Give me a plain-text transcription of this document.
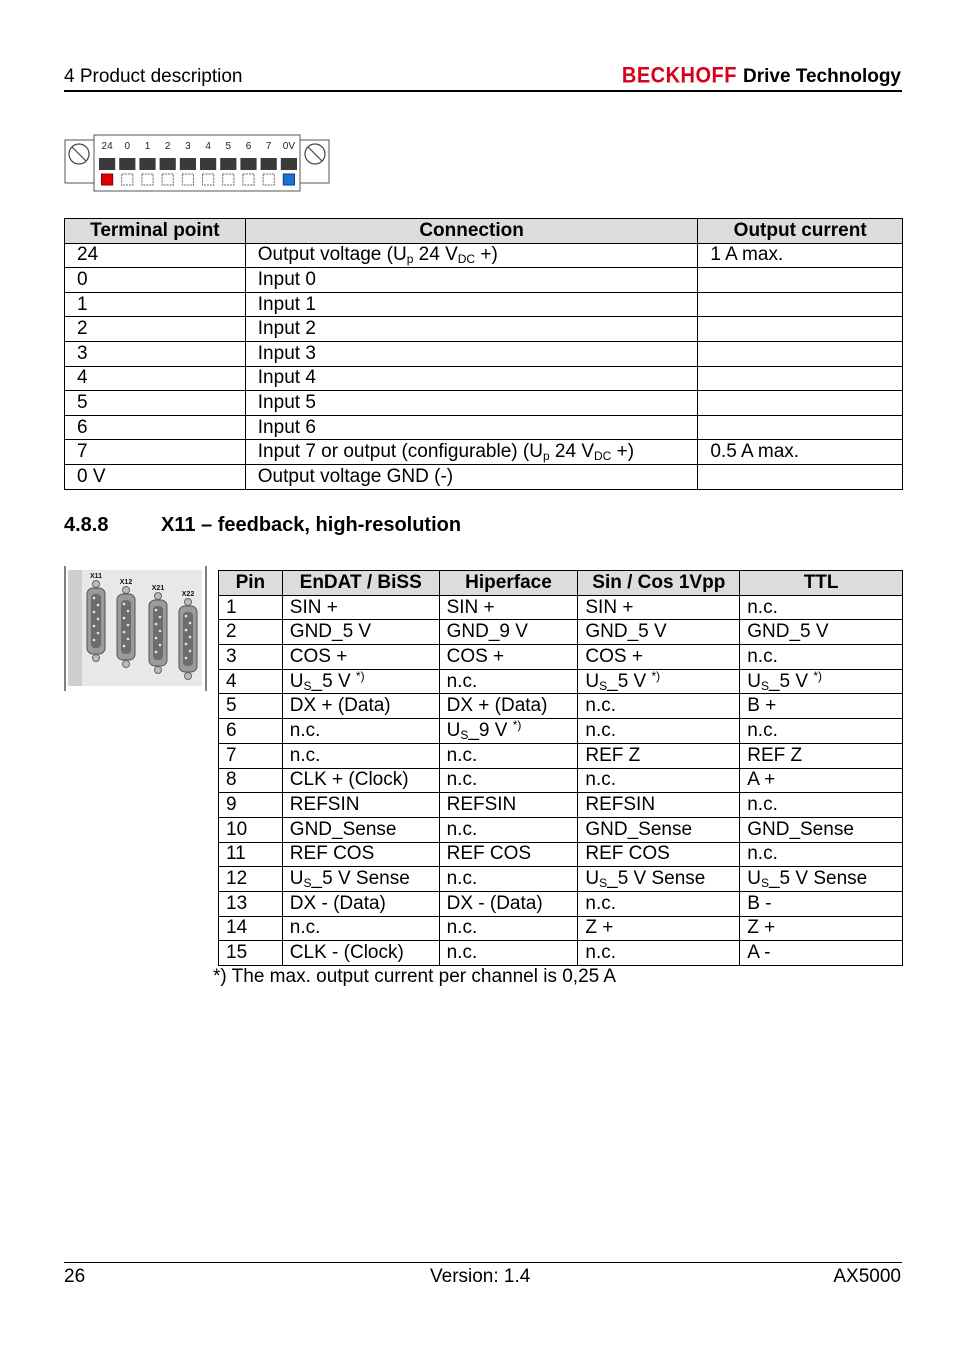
4 Product description	BECKHOFF Drive Technology
24 0 1 2 3 4 5 6 7 0V
Terminal point	Connection	Output current
24	Output voltage ($U_p$ 24 $V_{DC}$ +)	1 A max.
0	Input 0	
1	Input 1	
2	Input 2	
3	Input 3	
4	Input 4	
5	Input 5	
6	Input 6	
7	Input 7 or output (configurable) ($U_p$ 24 $V_{DC}$ +)	0.5 A max.
0 V	Output voltage GND (-)	
4.8.8	X11 – feedback, high-resolution
X11
X12
X21
X22
Pin	EnDAT / BiSS	Hiperface	Sin / Cos 1Vpp	TTL
1	SIN +	SIN +	SIN +	n.c.
2	GND_5 V	GND_9 V	GND_5 V	GND_5 V
3	COS +	COS +	COS +	n.c.
4	$U_S\_5$ V *)	n.c.	$U_S\_5$ V *)	$U_S\_5$ V *)
5	DX + (Data)	DX + (Data)	n.c.	B +
6	n.c.	$U_S\_9$ V *)	n.c.	n.c.
7	n.c.	n.c.	REF Z	REF Z
8	CLK + (Clock)	n.c.	n.c.	A +
9	REFSIN	REFSIN	REFSIN	n.c.
10	GND_Sense	n.c.	GND_Sense	GND_Sense
11	REF COS	REF COS	REF COS	n.c.
12	$U_S\_5$ V Sense	n.c.	$U_S\_5$ V Sense	$U_S\_5$ V Sense
13	DX - (Data)	DX - (Data)	n.c.	B -
14	n.c.	n.c.	Z +	Z +
15	CLK - (Clock)	n.c.	n.c.	A -
*) The max. output current per channel is 0,25 A
26	Version: 1.4	AX5000
